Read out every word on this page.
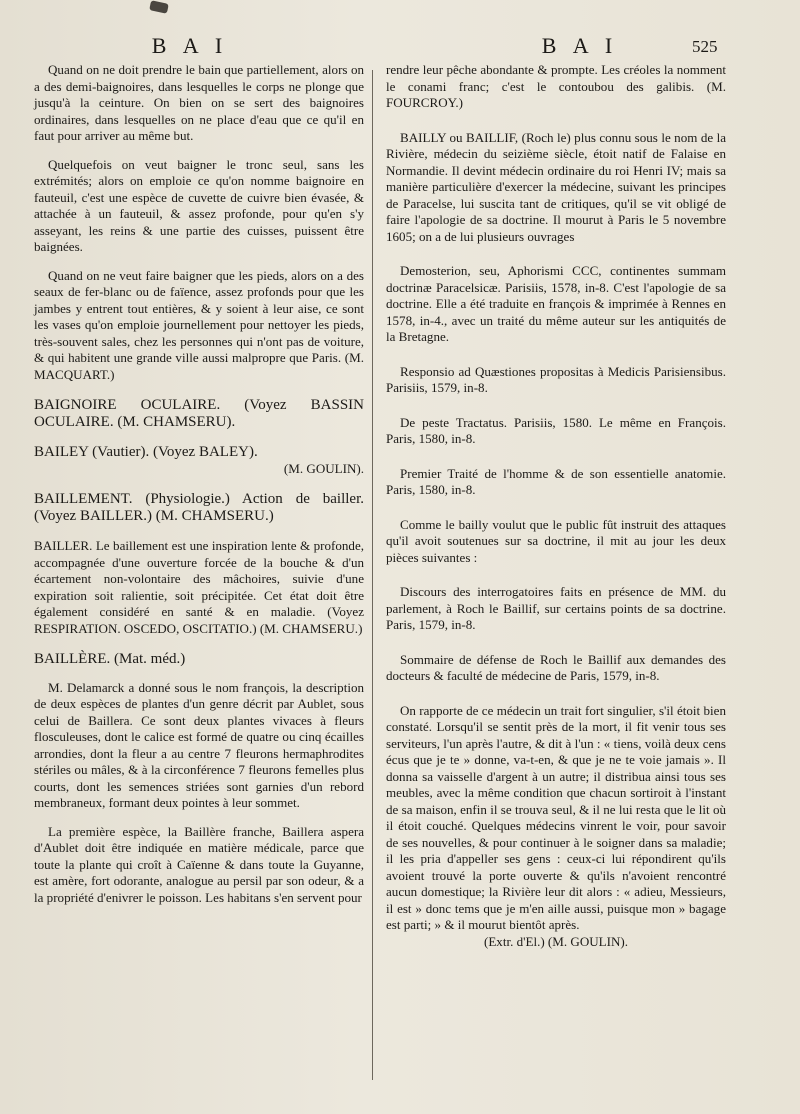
B A I	B A I	525

Quand on ne doit prendre le bain que partiellement, alors on a des demi-baignoires, dans lesquelles le corps ne plonge que jusqu'à la ceinture. On bien on se sert des baignoires ordinaires, dans lesquelles on ne place d'eau que ce qu'il en faut pour arriver au même but.

Quelquefois on veut baigner le tronc seul, sans les extrémités; alors on emploie ce qu'on nomme baignoire en fauteuil, c'est une espèce de cuvette de cuivre bien évasée, & attachée à un fauteuil, & assez profonde, pour qu'en s'y asseyant, les reins & une partie des cuisses, puissent être baignées.

Quand on ne veut faire baigner que les pieds, alors on a des seaux de fer-blanc ou de faïence, assez profonds pour que les jambes y entrent tout entières, & y soient à leur aise, ce sont les vases qu'on emploie journellement pour nettoyer les pieds, très-souvent sales, chez les personnes qui n'ont pas de voiture, & qui habitent une grande ville aussi malpropre que Paris. (M. MACQUART.)

BAIGNOIRE OCULAIRE. (Voyez BASSIN OCULAIRE. (M. CHAMSERU).

BAILEY (Vautier). (Voyez BALEY).

(M. GOULIN).

BAILLEMENT. (Physiologie.) Action de bailler. (Voyez BAILLER.) (M. CHAMSERU.)

BAILLER. Le baillement est une inspiration lente & profonde, accompagnée d'une ouverture forcée de la bouche & d'un écartement non-volontaire des mâchoires, suivie d'une expiration soit ralientie, soit précipitée. Cet état doit être également considéré en santé & en maladie. (Voyez RESPIRATION. OSCEDO, OSCITATIO.) (M. CHAMSERU.)

BAILLÈRE. (Mat. méd.)

M. Delamarck a donné sous le nom françois, la description de deux espèces de plantes d'un genre décrit par Aublet, sous celui de Baillera. Ce sont deux plantes vivaces à fleurs flosculeuses, dont le calice est formé de quatre ou cinq écailles arrondies, dont la fleur a au centre 7 fleurons hermaphrodites stériles ou mâles, & à la circonférence 7 fleurons femelles plus courts, dont les semences striées sont garnies d'un rebord membraneux, formant deux pointes à leur sommet.

La première espèce, la Baillère franche, Baillera aspera d'Aublet doit être indiquée en matière médicale, parce que toute la plante qui croît à Caïenne & dans toute la Guyanne, est amère, fort odorante, analogue au persil par son odeur, & a la propriété d'enivrer le poisson. Les habitans s'en servent pour

rendre leur pêche abondante & prompte. Les créoles la nomment le conami franc; c'est le contoubou des galibis. (M. FOURCROY.)

BAILLY ou BAILLIF, (Roch le) plus connu sous le nom de la Rivière, médecin du seizième siècle, étoit natif de Falaise en Normandie. Il devint médecin ordinaire du roi Henri IV; mais sa manière particulière d'exercer la médecine, suivant les principes de Paracelse, lui suscita tant de critiques, qu'il se vit obligé de faire l'apologie de sa doctrine. Il mourut à Paris le 5 novembre 1605; on a de lui plusieurs ouvrages

Demosterion, seu, Aphorismi CCC, continentes summam doctrinæ Paracelsicæ. Parisiis, 1578, in-8. C'est l'apologie de sa doctrine. Elle a été traduite en françois & imprimée à Rennes en 1578, in-4., avec un traité du même auteur sur les antiquités de la Bretagne.

Responsio ad Quæstiones propositas à Medicis Parisiensibus. Parisiis, 1579, in-8.

De peste Tractatus. Parisiis, 1580. Le même en François. Paris, 1580, in-8.

Premier Traité de l'homme & de son essentielle anatomie. Paris, 1580, in-8.

Comme le bailly voulut que le public fût instruit des attaques qu'il avoit soutenues sur sa doctrine, il mit au jour les deux pièces suivantes :

Discours des interrogatoires faits en présence de MM. du parlement, à Roch le Baillif, sur certains points de sa doctrine. Paris, 1579, in-8.

Sommaire de défense de Roch le Baillif aux demandes des docteurs & faculté de médecine de Paris, 1579, in-8.

On rapporte de ce médecin un trait fort singulier, s'il étoit bien constaté. Lorsqu'il se sentit près de la mort, il fit venir tous ses serviteurs, l'un après l'autre, & dit à l'un : « tiens, voilà deux cens écus que je te » donne, va-t-en, & que je ne te voie jamais ». Il donna sa vaisselle d'argent à un autre; il distribua ainsi tous ses meubles, avec la même condition que chacun sortiroit à l'instant de sa maison, enfin il se trouva seul, & il ne lui resta que le lit où il étoit couché. Quelques médecins vinrent le voir, pour savoir de ses nouvelles, & pour continuer à le soigner dans sa maladie; il les pria d'appeller ses gens : ceux-ci lui répondirent qu'ils avoient trouvé la porte ouverte & qu'ils n'avoient rencontré aucun domestique; la Rivière leur dit alors : « adieu, Messieurs, il est » donc tems que je m'en aille aussi, puisque mon » bagage est parti; » & il mourut bientôt après.

(Extr. d'El.) (M. GOULIN).
